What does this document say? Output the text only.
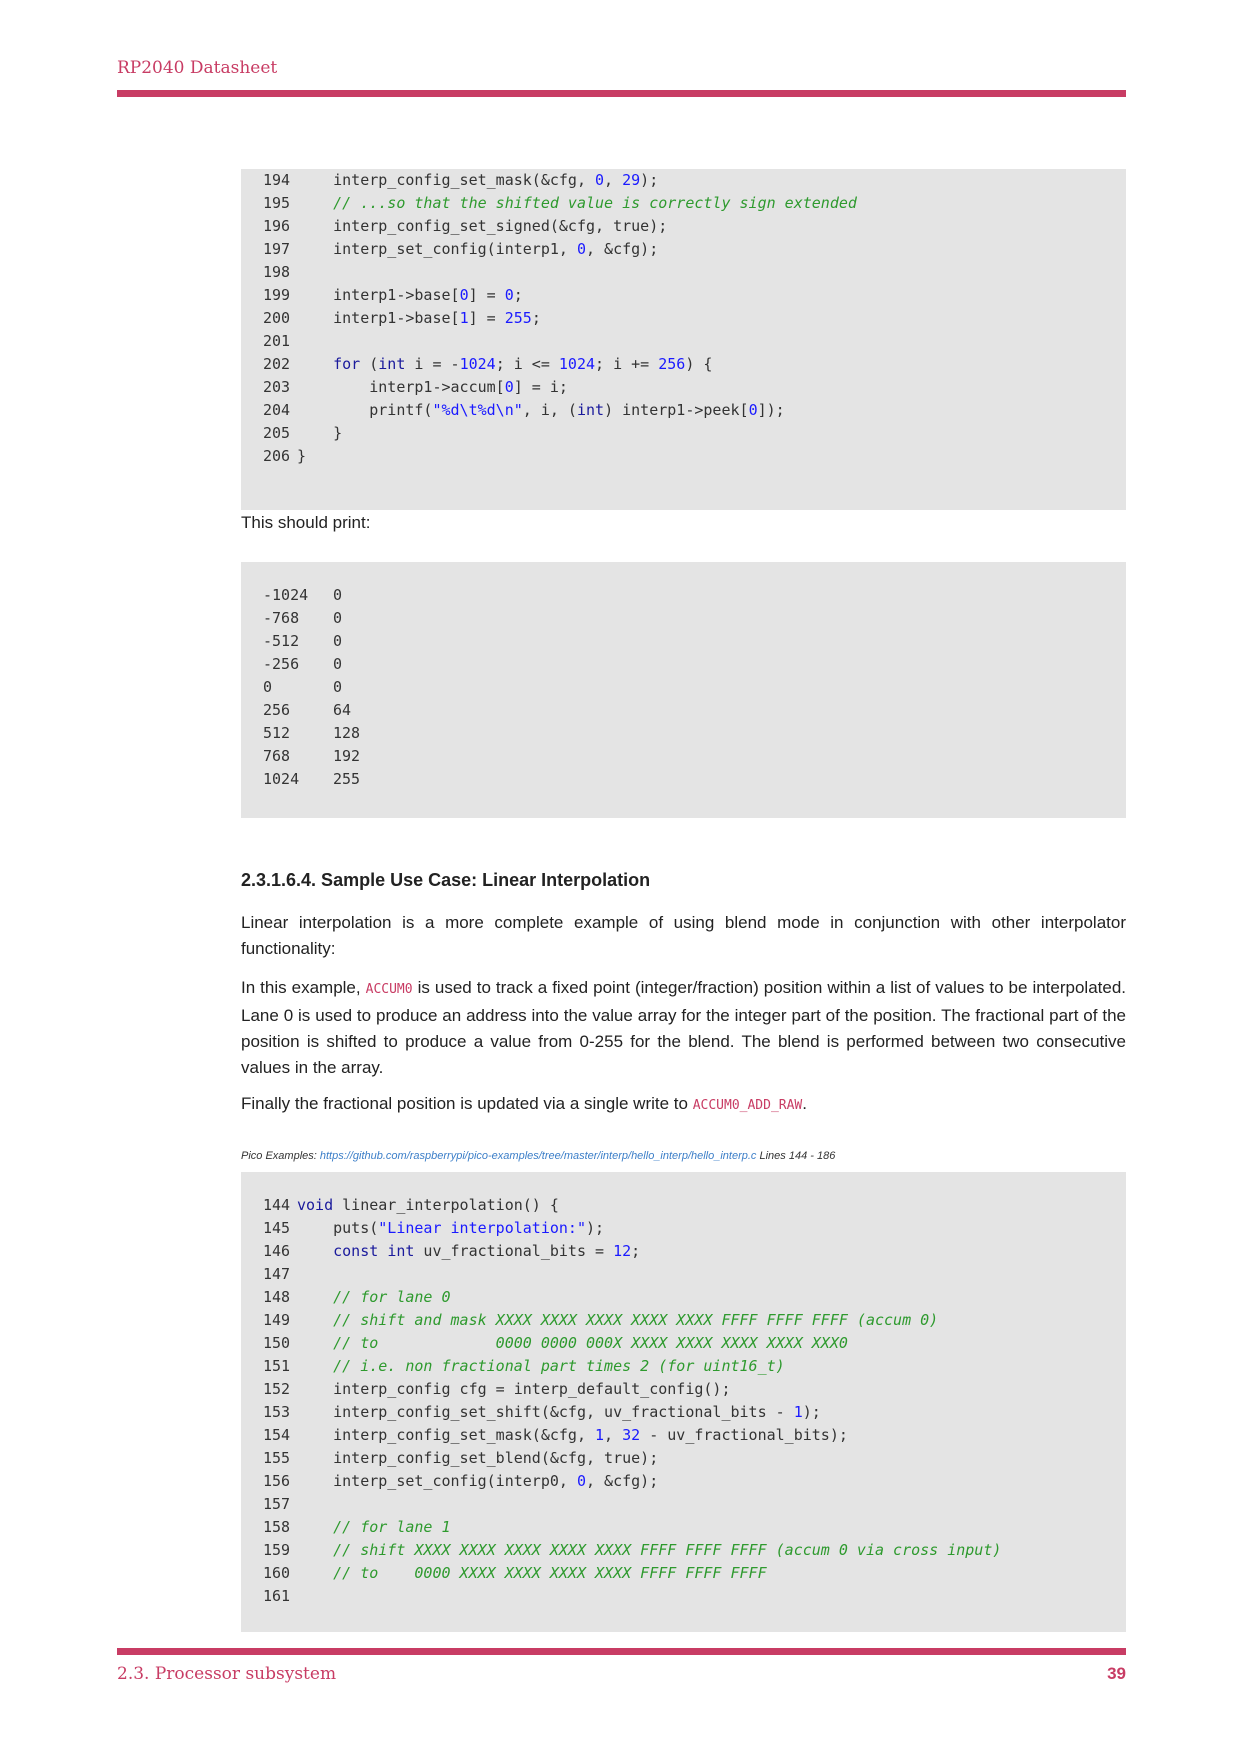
RP2040 Datasheet
194    interp_config_set_mask(&cfg, 0, 29);
195	// ...so that the shifted value is correctly sign extended
196    interp_config_set_signed(&cfg, true);
197    interp_set_config(interp1, 0, &cfg);
198
199    interp1->base[0] = 0;
200    interp1->base[1] = 255;
201
202	for (int i = -1024; i <= 1024; i += 256) {
203        interp1->accum[0] = i;
204        printf("%d\t%d\n", i, (int) interp1->peek[0]);
205    }
206 }

This should print:

-1024 0
-768 0
-512 0
-256 0
0	0
256	64
512	128
768	192
1024 255
2.3.1.6.4. Sample Use Case: Linear Interpolation

Linear interpolation is a more complete example of using blend mode in conjunction with other interpolator functionality:

In this example, ACCUM0 is used to track a fixed point (integer/fraction) position within a list of values to be interpolated. Lane 0 is used to produce an address into the value array for the integer part of the position. The fractional part of the position is shifted to produce a value from 0-255 for the blend. The blend is performed between two consecutive values in the array.

Finally the fractional position is updated via a single write to ACCUM0_ADD_RAW.

Pico Examples: https://github.com/raspberrypi/pico-examples/tree/master/interp/hello_interp/hello_interp.c Lines 144 - 186
144 void linear_interpolation() {
145    puts("Linear interpolation:");
146	const int uv_fractional_bits = 12;
147
148	// for lane 0
149	// shift and mask XXXX XXXX XXXX XXXX XXXX FFFF FFFF FFFF (accum 0)
150	// to             0000 0000 000X XXXX XXXX XXXX XXXX XXX0
151	// i.e. non fractional part times 2 (for uint16_t)
152    interp_config cfg = interp_default_config();
153    interp_config_set_shift(&cfg, uv_fractional_bits - 1);
154    interp_config_set_mask(&cfg, 1, 32 - uv_fractional_bits);
155    interp_config_set_blend(&cfg, true);
156    interp_set_config(interp0, 0, &cfg);
157
158	// for lane 1
159	// shift XXXX XXXX XXXX XXXX XXXX FFFF FFFF FFFF (accum 0 via cross input)
160	// to    0000 XXXX XXXX XXXX XXXX FFFF FFFF FFFF
161
2.3. Processor subsystem	39
